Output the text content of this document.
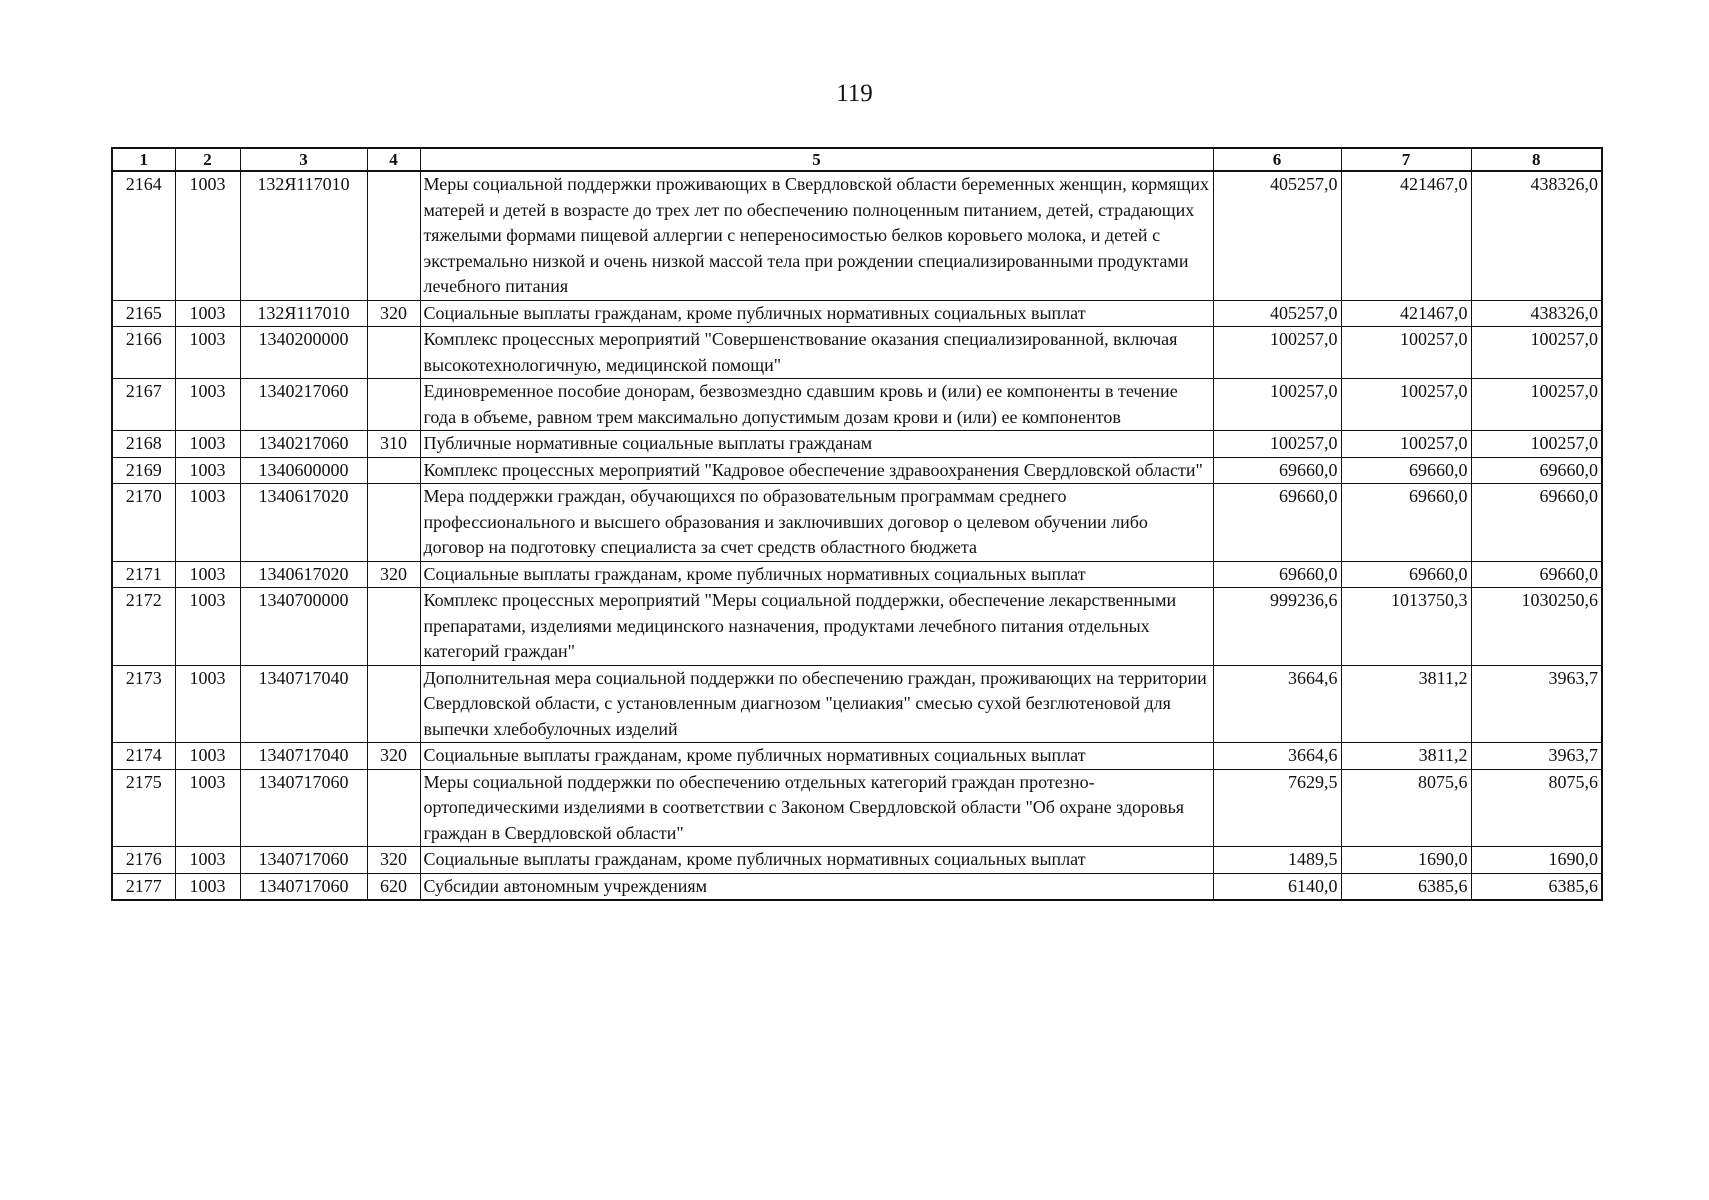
119
1	2	3	4	5	6	7	8
2164	1003	132Я117010		Меры социальной поддержки проживающих в Свердловской области беременных женщин, кормящих матерей и детей в возрасте до трех лет по обеспечению полноценным питанием, детей, страдающих тяжелыми формами пищевой аллергии с непереносимостью белков коровьего молока, и детей с экстремально низкой и очень низкой массой тела при рождении специализированными продуктами лечебного питания	405257,0	421467,0	438326,0
2165	1003	132Я117010	320	Социальные выплаты гражданам, кроме публичных нормативных социальных выплат	405257,0	421467,0	438326,0
2166	1003	1340200000		Комплекс процессных мероприятий "Совершенствование оказания специализированной, включая высокотехнологичную, медицинской помощи"	100257,0	100257,0	100257,0
2167	1003	1340217060		Единовременное пособие донорам, безвозмездно сдавшим кровь и (или) ее компоненты в течение года в объеме, равном трем максимально допустимым дозам крови и (или) ее компонентов	100257,0	100257,0	100257,0
2168	1003	1340217060	310	Публичные нормативные социальные выплаты гражданам	100257,0	100257,0	100257,0
2169	1003	1340600000		Комплекс процессных мероприятий "Кадровое обеспечение здравоохранения Свердловской области"	69660,0	69660,0	69660,0
2170	1003	1340617020		Мера поддержки граждан, обучающихся по образовательным программам среднего профессионального и высшего образования и заключивших договор о целевом обучении либо договор на подготовку специалиста за счет средств областного бюджета	69660,0	69660,0	69660,0
2171	1003	1340617020	320	Социальные выплаты гражданам, кроме публичных нормативных социальных выплат	69660,0	69660,0	69660,0
2172	1003	1340700000		Комплекс процессных мероприятий "Меры социальной поддержки, обеспечение лекарственными препаратами, изделиями медицинского назначения, продуктами лечебного питания отдельных категорий граждан"	999236,6	1013750,3	1030250,6
2173	1003	1340717040		Дополнительная мера социальной поддержки по обеспечению граждан, проживающих на территории Свердловской области, с установленным диагнозом "целиакия" смесью сухой безглютеновой для выпечки хлебобулочных изделий	3664,6	3811,2	3963,7
2174	1003	1340717040	320	Социальные выплаты гражданам, кроме публичных нормативных социальных выплат	3664,6	3811,2	3963,7
2175	1003	1340717060		Меры социальной поддержки по обеспечению отдельных категорий граждан протезно-ортопедическими изделиями в соответствии с Законом Свердловской области "Об охране здоровья граждан в Свердловской области"	7629,5	8075,6	8075,6
2176	1003	1340717060	320	Социальные выплаты гражданам, кроме публичных нормативных социальных выплат	1489,5	1690,0	1690,0
2177	1003	1340717060	620	Субсидии автономным учреждениям	6140,0	6385,6	6385,6
